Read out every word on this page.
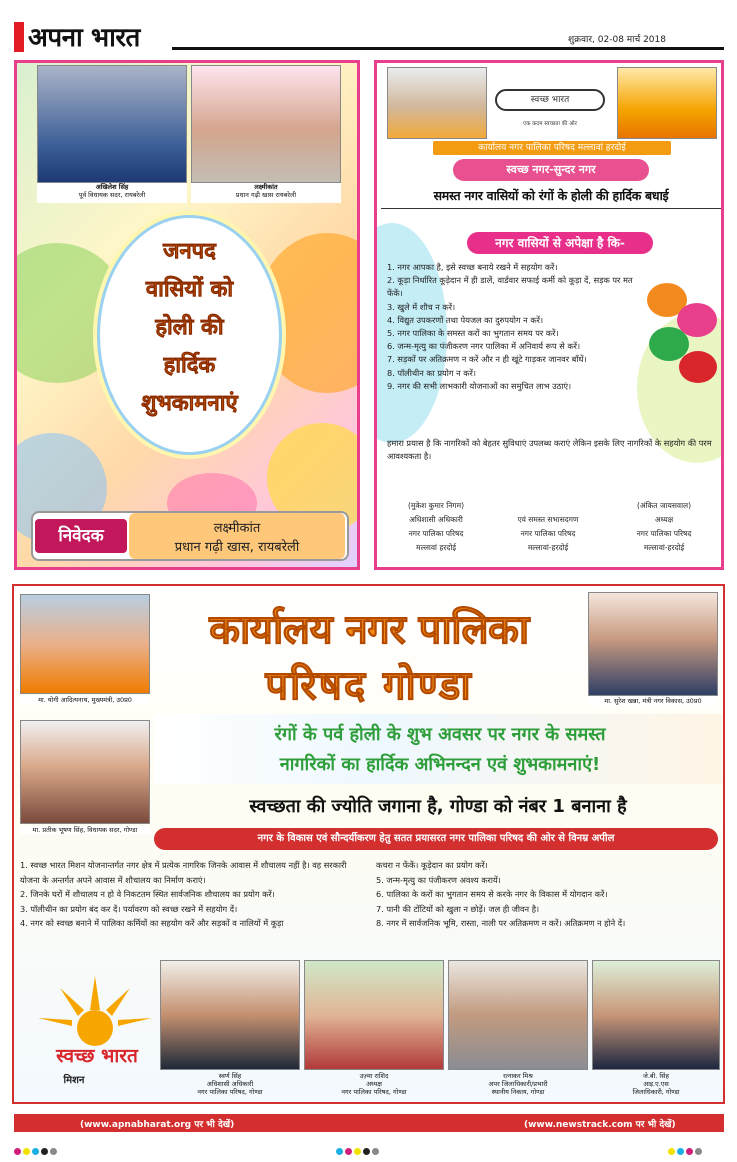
अपना भारत	शुक्रवार, 02-08 मार्च 2018
अखिलेश सिंह
पूर्व विधायक सदर, रायबरेली
लक्ष्मीकांत
प्रधान गढ़ी खास रायबरेली
जनपद
वासियों को
होली की
हार्दिक
शुभकामनाएं
निवेदक	लक्ष्मीकांत
प्रधान गढ़ी खास, रायबरेली
स्वच्छ भारत
एक कदम स्वच्छता की ओर
कार्यालय नगर पालिका परिषद मल्लावां हरदोई
स्वच्छ नगर-सुन्दर नगर
समस्त नगर वासियों को रंगों के होली की हार्दिक बधाई
नगर वासियों से अपेक्षा है कि-
1. नगर आपका है, इसे स्वच्छ बनाये रखने में सहयोग करें।
2. कूड़ा निर्धारित कूड़ेदान में ही डालें, वार्डवार सफाई कर्मी को कूड़ा दें, सड़क पर मत फेंकें।
3. खुले में शौच न करें।
4. विद्युत उपकरणों तथा पेयजल का दुरुपयोग न करें।
5. नगर पालिका के समस्त करों का भुगतान समय पर करें।
6. जन्म-मृत्यु का पंजीकरण नगर पालिका में अनिवार्य रूप से करें।
7. सड़कों पर अतिक्रमण न करें और न ही खूंटे गाड़कर जानवर बाँधें।
8. पॉलीथीन का प्रयोग न करें।
9. नगर की सभी लाभकारी योजनाओं का समुचित लाभ उठाएं।
हमारा प्रयास है कि नागरिकों को बेहतर सुविधाएं उपलब्ध कराएं लेकिन इसके लिए नागरिकों के सहयोग की परम आवश्यकता है।
(मुकेश कुमार निगम)
अधिशासी अधिकारी
नगर पालिका परिषद
मल्लावां हरदोई
एवं समस्त सभासदगण
नगर पालिका परिषद
मल्लावां-हरदोई
(अंकित जायसवाल)
अध्यक्ष
नगर पालिका परिषद
मल्लावां-हरदोई
मा. योगी आदित्यनाथ, मुख्यमंत्री, उ0प्र0	मा. सुरेश खन्ना, मंत्री नगर विकास, उ0प्र0
मा. प्रतीक भूषण सिंह, विधायक सदर, गोण्डा
कार्यालय नगर पालिका
परिषद गोण्डा
रंगों के पर्व होली के शुभ अवसर पर नगर के समस्त
नागरिकों का हार्दिक अभिनन्दन एवं शुभकामनाएं!
स्वच्छता की ज्योति जगाना है, गोण्डा को नंबर 1 बनाना है
नगर के विकास एवं सौन्दर्यीकरण हेतु सतत प्रयासरत नगर पालिका परिषद की ओर से विनम्र अपील
1. स्वच्छ भारत मिशन योजनान्तर्गत नगर क्षेत्र में प्रत्येक नागरिक जिनके आवास में शौचालय नहीं है। वह सरकारी योजना के अन्तर्गत अपने आवास में शौचालय का निर्माण कराएं।
2. जिनके घरों में शौचालय न हो वे निकटतम स्थित सार्वजनिक शौचालय का प्रयोग करें।
3. पॉलीथीन का प्रयोग बंद कर दें। पर्यावरण को स्वच्छ रखने में सहयोग दें।
4. नगर को स्वच्छ बनाने में पालिका कर्मियों का सहयोग करें और सड़कों व नालियों में कूड़ा
कचरा न फेंकें। कूड़ेदान का प्रयोग करें।
5. जन्म-मृत्यु का पंजीकरण अवश्य करायें।
6. पालिका के करों का भुगतान समय से करके नगर के विकास में योगदान करें।
7. पानी की टोंटियों को खुला न छोड़ें। जल ही जीवन है।
8. नगर में सार्वजनिक भूमि, रास्ता, नाली पर अतिक्रमण न करें। अतिक्रमण न होने दें।
स्वच्छ भारत
मिशन	स्वर्ण सिंह
अधिशासी अधिकारी
नगर पालिका परिषद, गोण्डा
उज़्मा राशिद
अध्यक्ष
नगर पालिका परिषद, गोण्डा
रत्नाकर मिश्र
अपर जिलाधिकारी/प्रभारी
स्थानीय निकाय, गोण्डा
जे.बी. सिंह
आइ.ए.एस
जिलाधिकारी, गोण्डा
(www.apnabharat.org पर भी देखें)	(www.newstrack.com पर भी देखें)
